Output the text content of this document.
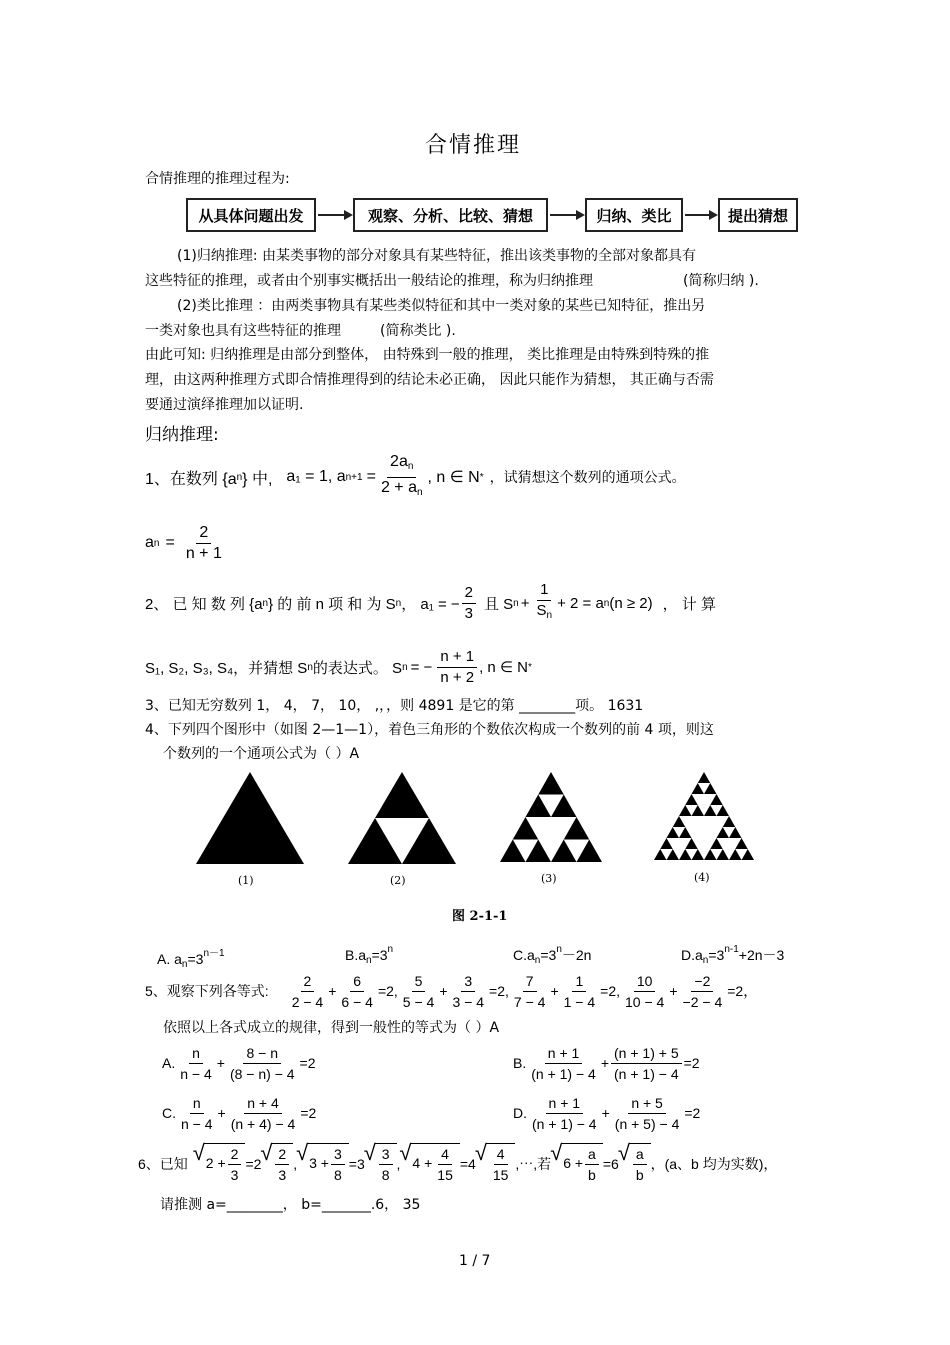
合情推理
合情推理的推理过程为:
从具体问题出发	观察、分析、比较、猜想	归纳、类比	提出猜想
(1)归纳推理: 由某类事物的部分对象具有某些特征，推出该类事物的全部对象都具有
这些特征的推理，或者由个别事实概括出一般结论的推理，称为归纳推理	(简称归纳 ).
(2)类比推理 ：由两类事物具有某些类似特征和其中一类对象的某些已知特征，推出另
一类对象也具有这些特征的推理	(简称类比 ).
由此可知: 归纳推理是由部分到整体， 由特殊到一般的推理， 类比推理是由特殊到特殊的推
理，由这两种推理方式即合情推理得到的结论未必正确， 因此只能作为猜想， 其正确与否需
要通过演绎推理加以证明.
归纳推理:
1、在数列 {a n } 中, a₁ = 1, a $n+1 = \frac{2a_n}{2 + a_n}$ , n ∈ N * ，试猜想这个数列的通项公式。
a $n = \frac{2}{n + 1}$
2、 已 知 数 列 {a n } 的 前 n 项 和 为 S n ， a₁ = − $\frac{2}{3}$ 且 S $n + \frac{1}{S_n} + 2 = a$ n (n ≥ 2) ， 计 算
S₁, S₂, S₃, S₄，并猜想 S n 的表达式。 S n = − $\frac{n + 1}{n + 2}$ , n ∈ N *
3、已知无穷数列 1， 4， 7， 10， ,，，则 4891 是它的第 ________项。 1631
4、下列四个图形中（如图 2—1—1），着色三角形的个数依次构成一个数列的前 4 项，则这
个数列的一个通项公式为（ ）A
(1)	(2)	(3)	(4)
图 2-1-1
A. $a_n=3^{n-1}$	$B.a_n=3^n$	$C.a_n=3^n-2n$	$D.a_n=3^{n-1}+2n-3$
5、观察下列各等式: $\frac{2}{2 - 4} + \frac{6}{6 - 4} =2$, $\frac{5}{5 - 4} + \frac{3}{3 - 4} =2$, $\frac{7}{7 - 4} + \frac{1}{1 - 4} =2$, $\frac{10}{10 - 4} + \frac{-2}{-2 - 4} =2$，
依照以上各式成立的规律，得到一般性的等式为（ ）A
A. $\frac{n}{n - 4} + \frac{8 - n}{(8 - n) - 4} =2$	B. $\frac{n + 1}{(n + 1) - 4} + \frac{(n + 1) + 5}{(n + 1) - 4} =2$
C. $\frac{n}{n - 4} + \frac{n + 4}{(n + 4) - 4} =2$	D. $\frac{n + 1}{(n + 1) - 4} + \frac{n + 5}{(n + 5) - 4} =2$
6、已知 √ $2 + \frac{2}{3} =2$ √ $\frac{2}{3}$ , √ $3 + \frac{3}{8} =3$ √ $\frac{3}{8}$ , √ $4 + \frac{4}{15} =4$ √ $\frac{4}{15}$ ,⋯,若 √ $6 + \frac{a}{b} =6$ √ $\frac{a}{b}$ ，(a、b 均为实数)，
请推测 a=________， b=_______.6， 35
1 / 7
